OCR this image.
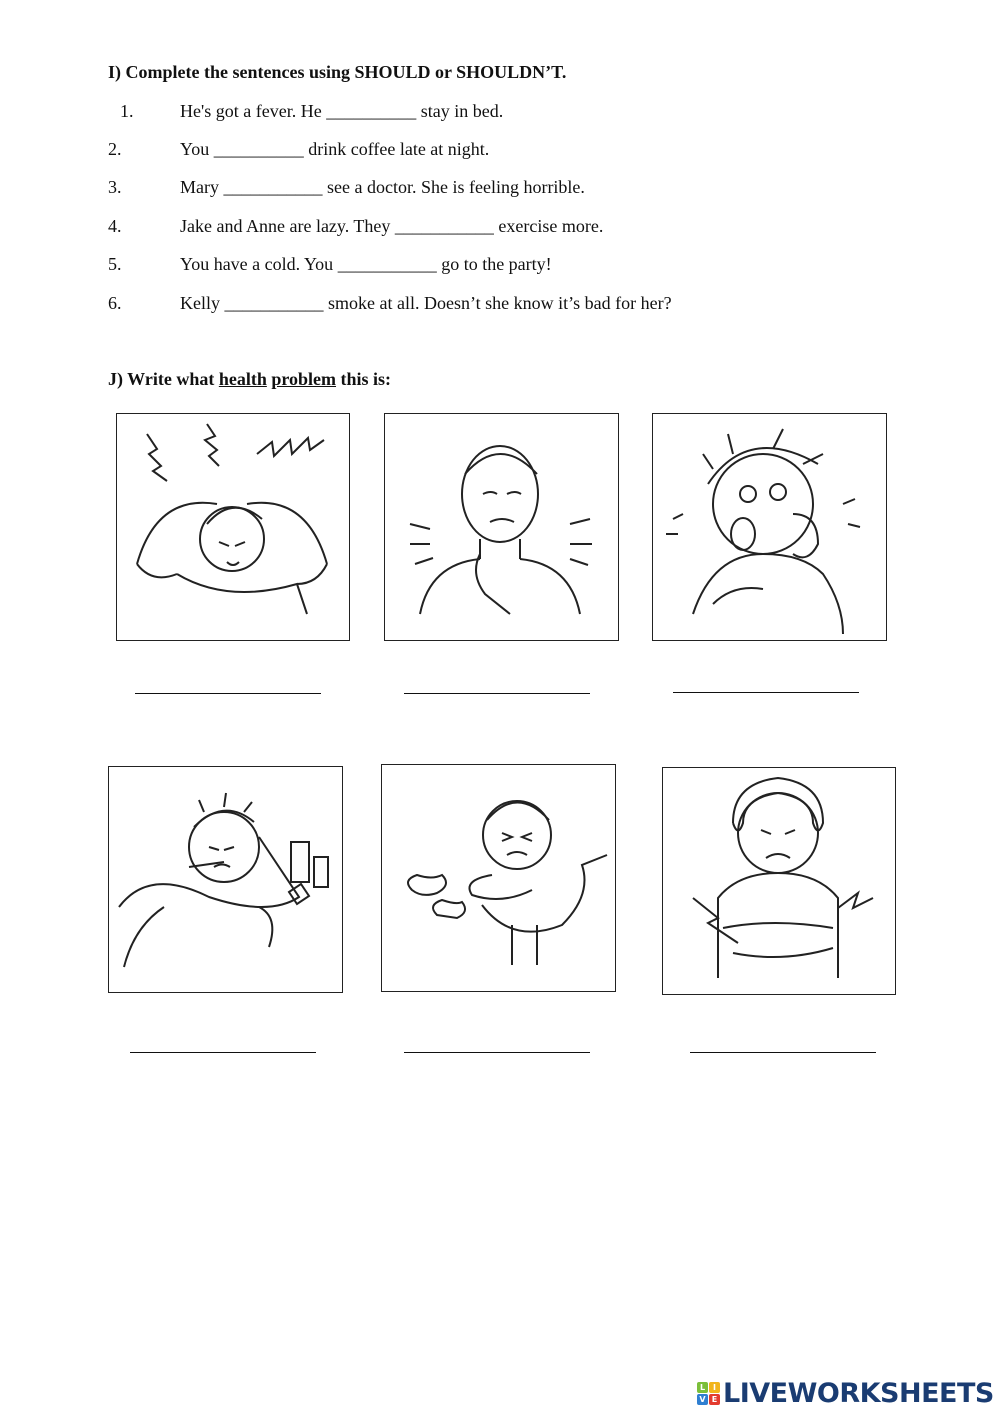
I) Complete the sentences using SHOULD or SHOULDN’T.
1.	He's got a fever. He __________ stay in bed.
2.	You __________ drink coffee late at night.
3.	Mary ___________ see a doctor. She is feeling horrible.
4.	Jake and Anne are lazy. They ___________ exercise more.
5.	You have a cold. You ___________ go to the party!
6.	Kelly ___________ smoke at all. Doesn’t she know it’s bad for her?
J) Write what health problem this is:
L I
V E LIVEWORKSHEETS
